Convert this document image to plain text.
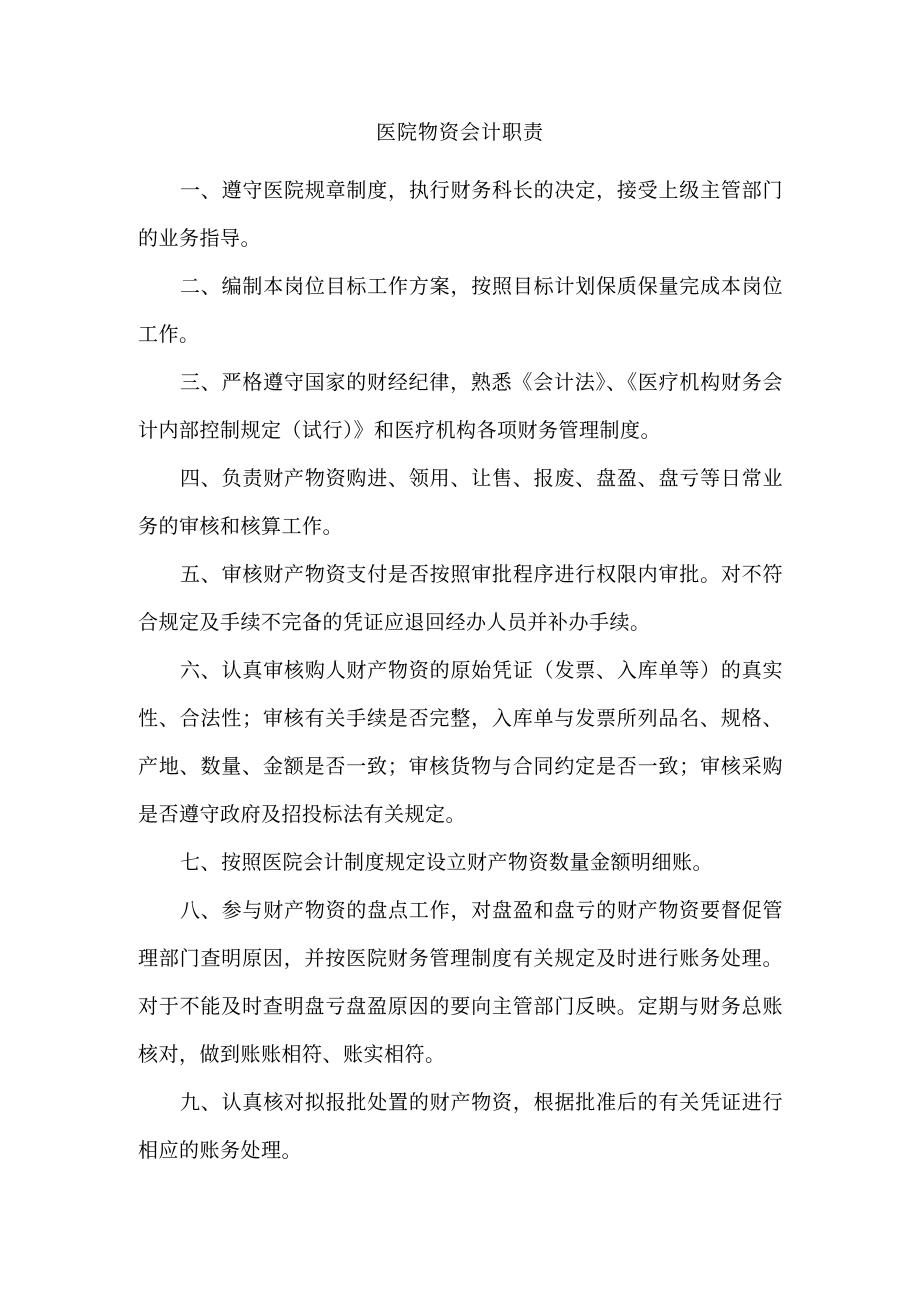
医院物资会计职责

一、遵守医院规章制度，执行财务科长的决定，接受上级主管部门的业务指导。

二、编制本岗位目标工作方案，按照目标计划保质保量完成本岗位工作。

三、严格遵守国家的财经纪律，熟悉《会计法》、《医疗机构财务会计内部控制规定（试行）》和医疗机构各项财务管理制度。

四、负责财产物资购进、领用、让售、报废、盘盈、盘亏等日常业务的审核和核算工作。

五、审核财产物资支付是否按照审批程序进行权限内审批。对不符合规定及手续不完备的凭证应退回经办人员并补办手续。

六、认真审核购人财产物资的原始凭证（发票、入库单等）的真实性、合法性；审核有关手续是否完整，入库单与发票所列品名、规格、产地、数量、金额是否一致；审核货物与合同约定是否一致；审核采购是否遵守政府及招投标法有关规定。

七、按照医院会计制度规定设立财产物资数量金额明细账。

八、参与财产物资的盘点工作，对盘盈和盘亏的财产物资要督促管理部门查明原因，并按医院财务管理制度有关规定及时进行账务处理。对于不能及时查明盘亏盘盈原因的要向主管部门反映。定期与财务总账核对，做到账账相符、账实相符。

九、认真核对拟报批处置的财产物资，根据批准后的有关凭证进行相应的账务处理。
